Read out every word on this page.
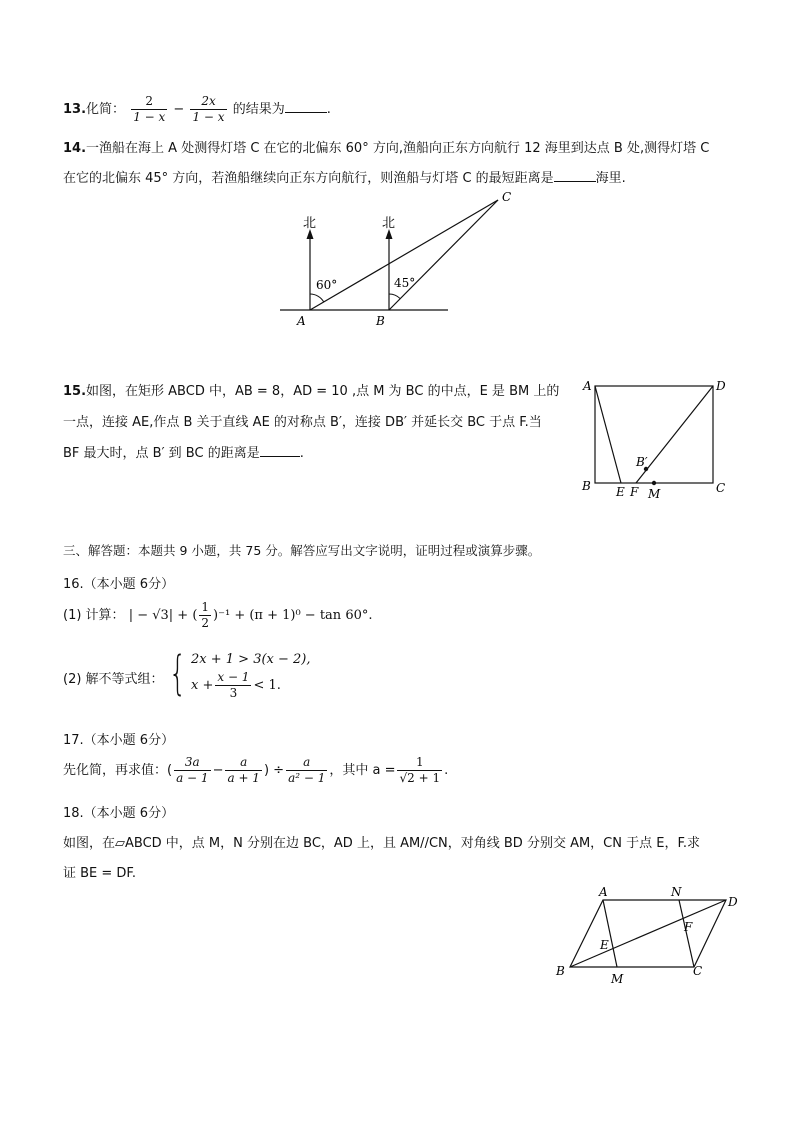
13.化简： $\frac{2}{1 - x} - \frac{2x}{1 - x}$ 的结果为	.
14.一渔船在海上 A 处测得灯塔 C 在它的北偏东 60° 方向,渔船向正东方向航行 12 海里到达点 B 处,测得灯塔 C
在它的北偏东 45° 方向，若渔船继续向正东方向航行，则渔船与灯塔 C 的最短距离是	海里.
北	北
60°	45°
A	B
C
15.如图，在矩形 ABCD 中，AB = 8，AD = 10 ,点 M 为 BC 的中点，E 是 BM 上的
一点，连接 AE,作点 B 关于直线 AE 的对称点 B′，连接 DB′ 并延长交 BC 于点 F.当
BF 最大时，点 B′ 到 BC 的距离是	.
A	D
B	C
E F M
B′
三、解答题：本题共 9 小题，共 75 分。解答应写出文字说明，证明过程或演算步骤。
16.（本小题 6分）
(1) 计算： | − √3| + ( $\frac{1}{2} )^{-1} + (\pi + 1)^0 - \tan 60^\circ$.
(2) 解不等式组： { 2x + 1 > 3(x − 2),
$x + \frac{x - 1}{3} < 1$.
17.（本小题 6分）
先化简，再求值：( $\frac{3a}{a - 1} - \frac{a}{a + 1}$ ) ÷ $\frac{a}{\text{a² − 1}}$ ，其中 $a = \frac{1}{√2 + 1}$ .
18.（本小题 6分）
如图，在▱ABCD 中，点 M，N 分别在边 BC，AD 上，且 AM//CN，对角线 BD 分别交 AM，CN 于点 E，F.求
证 BE = DF.
A	N
D
B
M
C
E
F
